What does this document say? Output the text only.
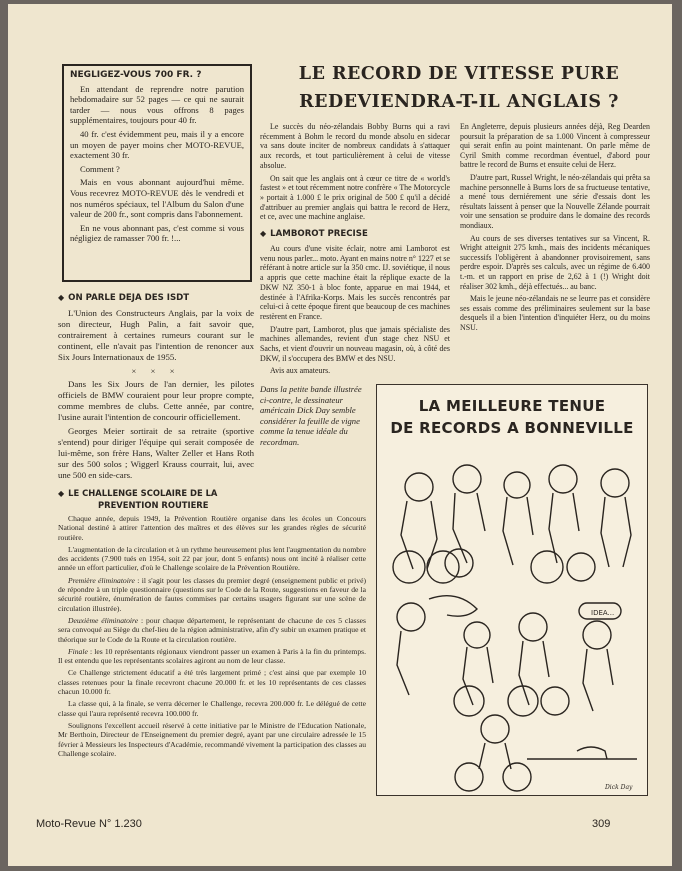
NEGLIGEZ-VOUS 700 FR. ?

En attendant de reprendre notre parution hebdomadaire sur 52 pages — ce qui ne saurait tarder — nous vous offrons 8 pages supplémentaires, toujours pour 40 fr.

40 fr. c'est évidemment peu, mais il y a encore un moyen de payer moins cher MOTO-REVUE, exactement 30 fr.

Comment ?

Mais en vous abonnant aujourd'hui même. Vous recevrez MOTO-REVUE dès le vendredi et nos numéros spéciaux, tel l'Album du Salon d'une valeur de 200 fr., sont compris dans l'abonnement.

En ne vous abonnant pas, c'est comme si vous négligiez de ramasser 700 fr. !...

◆ ON PARLE DEJA DES ISDT

L'Union des Constructeurs Anglais, par la voix de son directeur, Hugh Palin, a fait savoir que, contrairement à certaines rumeurs courant sur le continent, elle n'avait pas l'intention de renoncer aux Six Jours Internationaux de 1955.

× × ×

Dans les Six Jours de l'an dernier, les pilotes officiels de BMW couraient pour leur propre compte, comme membres de clubs. Cette année, par contre, l'usine aurait l'intention de concourir officiellement.

Georges Meier sortirait de sa retraite (sportive s'entend) pour diriger l'équipe qui serait composée de lui-même, son frère Hans, Walter Zeller et Hans Roth sur des 500 solos ; Wiggerl Krauss courrait, lui, avec une 500 en side-cars.

◆ LE CHALLENGE SCOLAIRE DE LA
PREVENTION ROUTIERE

Chaque année, depuis 1949, la Prévention Routière organise dans les écoles un Concours National destiné à attirer l'attention des maîtres et des élèves sur les grandes règles de sécurité routière.

L'augmentation de la circulation et à un rythme heureusement plus lent l'augmentation du nombre des accidents (7.900 tués en 1954, soit 22 par jour, dont 5 enfants) nous ont incité à réaliser cette année un effort particulier, d'où le Challenge scolaire de la Prévention Routière.

Première éliminatoire : il s'agit pour les classes du premier degré (enseignement public et privé) de répondre à un triple questionnaire (questions sur le Code de la Route, suggestions en faveur de la sécurité routière, énumération de fautes commises par certains usagers figurant sur une scène de circulation illustrée).

Deuxième éliminatoire : pour chaque département, le représentant de chacune de ces 5 classes sera convoqué au Siège du chef-lieu de la région administrative, afin d'y subir un examen pratique et théorique sur le Code de la Route et la circulation routière.

Finale : les 10 représentants régionaux viendront passer un examen à Paris à la fin du printemps. Il est entendu que les représentants scolaires agiront au nom de leur classe.

Ce Challenge strictement éducatif a été très largement primé ; c'est ainsi que par exemple 10 classes retenues pour la finale recevront chacune 20.000 fr. et les 10 représentants de ces classes chacun 10.000 fr.

La classe qui, à la finale, se verra décerner le Challenge, recevra 200.000 fr. Le délégué de cette classe qui l'aura représenté recevra 100.000 fr.

Soulignons l'excellent accueil réservé à cette initiative par le Ministre de l'Education Nationale, Mr Berthoin, Directeur de l'Enseignement du premier degré, ayant par une circulaire adressée le 15 février à Messieurs les Inspecteurs d'Académie, recommandé vivement la participation des classes au Challenge scolaire.

LE RECORD DE VITESSE PURE
REDEVIENDRA-T-IL ANGLAIS ?

Le succès du néo-zélandais Bobby Burns qui a ravi récemment à Bohm le record du monde absolu en sidecar va sans doute inciter de nombreux candidats à s'attaquer aux records, et tout particulièrement à celui de vitesse absolue.

On sait que les anglais ont à cœur ce titre de « world's fastest » et tout récemment notre confrère « The Motorcycle » portait à 1.000 £ le prix original de 500 £ qu'il a décidé d'attribuer au premier anglais qui battra le record de Herz, et ce, avec une machine anglaise.

◆ LAMBOROT PRECISE

Au cours d'une visite éclair, notre ami Lamborot est venu nous parler... moto. Ayant en mains notre n° 1227 et se référant à notre article sur la 350 cmc. IJ. soviétique, il nous a appris que cette machine était la réplique exacte de la DKW NZ 350-1 à bloc fonte, apparue en mai 1944, et destinée à l'Afrika-Korps. Mais les succès rencontrés par celui-ci à cette époque firent que beaucoup de ces machines restèrent en France.

D'autre part, Lamborot, plus que jamais spécialiste des machines allemandes, revient d'un stage chez NSU et Sachs, et vient d'ouvrir un nouveau magasin, où, à côté des DKW, il s'occupera des BMW et des NSU.

Avis aux amateurs.

En Angleterre, depuis plusieurs années déjà, Reg Dearden poursuit la préparation de sa 1.000 Vincent à compresseur qui serait enfin au point maintenant. On parle même de Cyril Smith comme recordman éventuel, d'abord pour battre le record de Burns et ensuite celui de Herz.

D'autre part, Russel Wright, le néo-zélandais qui prêta sa machine personnelle à Burns lors de sa fructueuse tentative, a mené tous derniérement une série d'essais dont les résultats laissent à penser que la Nouvelle Zélande pourrait voir une sensation se produire dans le domaine des records mondiaux.

Au cours de ses diverses tentatives sur sa Vincent, R. Wright atteignit 275 kmh., mais des incidents mécaniques successifs l'obligèrent à abandonner provisoirement, sans perdre espoir. D'après ses calculs, avec un régime de 6.400 t.-m. et un rapport en prise de 2,62 à 1 (!) Wright doit réaliser 302 kmh., déjà effectués... au banc.

Mais le jeune néo-zélandais ne se leurre pas et considère ses essais comme des préliminaires seulement sur la base desquels il a bien l'intention d'inquiéter Herz, ou du moins NSU.

Dans la petite bande illustrée ci-contre, le dessinateur américain Dick Day semble considérer la feuille de vigne comme la tenue idéale du recordman.
LA MEILLEURE TENUE
DE RECORDS A BONNEVILLE
IDEA...
Dick Day
Moto-Revue N° 1.230	309
